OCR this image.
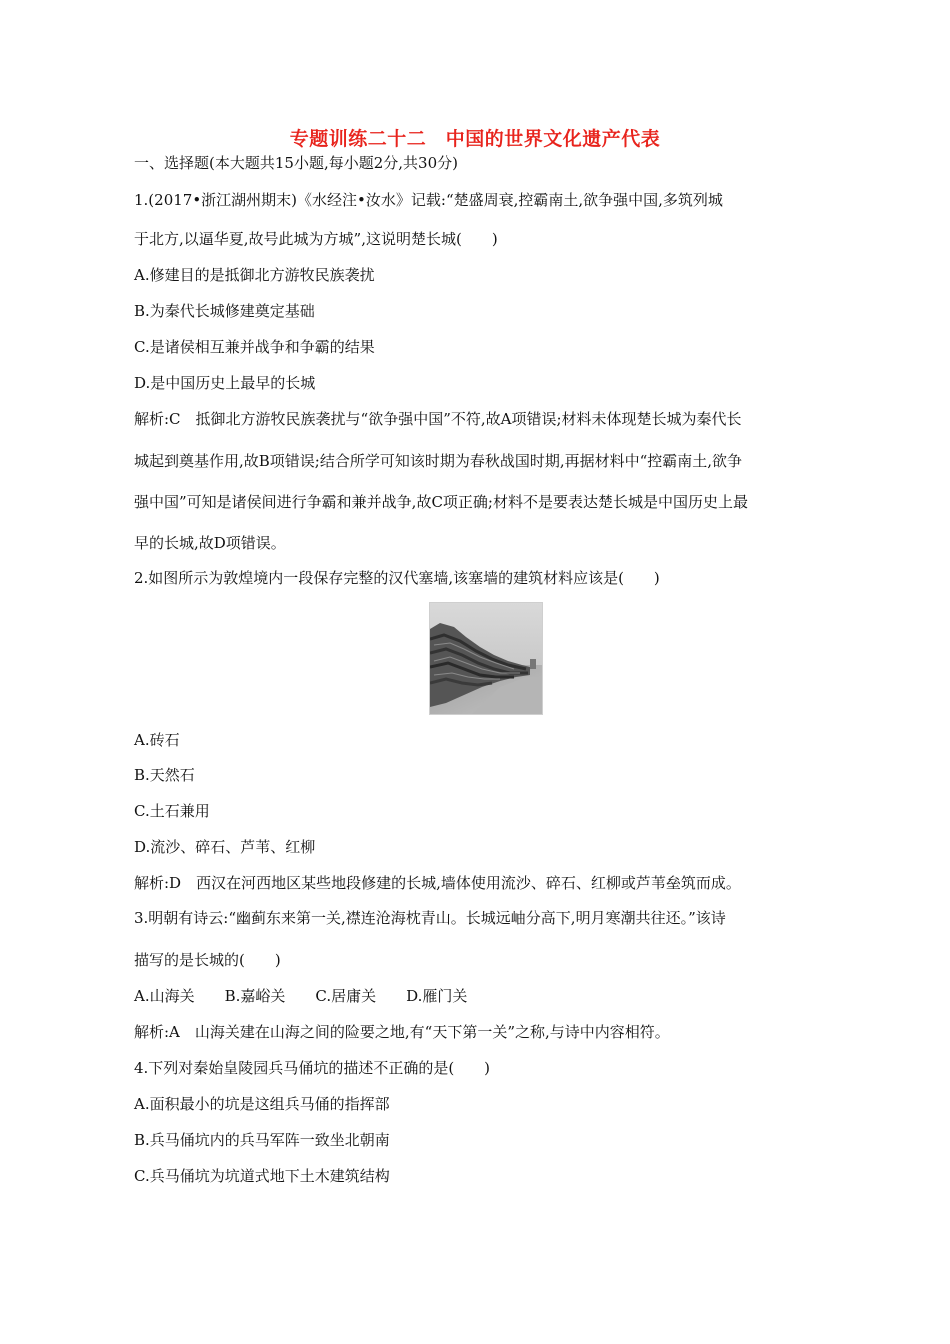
专题训练二十二　中国的世界文化遗产代表
一、选择题(本大题共15小题,每小题2分,共30分)
1.(2017•浙江湖州期末)《水经注•汝水》记载:“楚盛周衰,控霸南土,欲争强中国,多筑列城
于北方,以逼华夏,故号此城为方城”,这说明楚长城(　　)
A.修建目的是抵御北方游牧民族袭扰
B.为秦代长城修建奠定基础
C.是诸侯相互兼并战争和争霸的结果
D.是中国历史上最早的长城
解析:C　抵御北方游牧民族袭扰与“欲争强中国”不符,故A项错误;材料未体现楚长城为秦代长
城起到奠基作用,故B项错误;结合所学可知该时期为春秋战国时期,再据材料中“控霸南土,欲争
强中国”可知是诸侯间进行争霸和兼并战争,故C项正确;材料不是要表达楚长城是中国历史上最
早的长城,故D项错误。
2.如图所示为敦煌境内一段保存完整的汉代塞墙,该塞墙的建筑材料应该是(　　)
A.砖石
B.天然石
C.土石兼用
D.流沙、碎石、芦苇、红柳
解析:D　西汉在河西地区某些地段修建的长城,墙体使用流沙、碎石、红柳或芦苇垒筑而成。
3.明朝有诗云:“幽蓟东来第一关,襟连沧海枕青山。长城远岫分高下,明月寒潮共往还。”该诗
描写的是长城的(　　)
A.山海关 B.嘉峪关 C.居庸关 D.雁门关
解析:A　山海关建在山海之间的险要之地,有“天下第一关”之称,与诗中内容相符。
4.下列对秦始皇陵园兵马俑坑的描述不正确的是(　　)
A.面积最小的坑是这组兵马俑的指挥部
B.兵马俑坑内的兵马军阵一致坐北朝南
C.兵马俑坑为坑道式地下土木建筑结构
